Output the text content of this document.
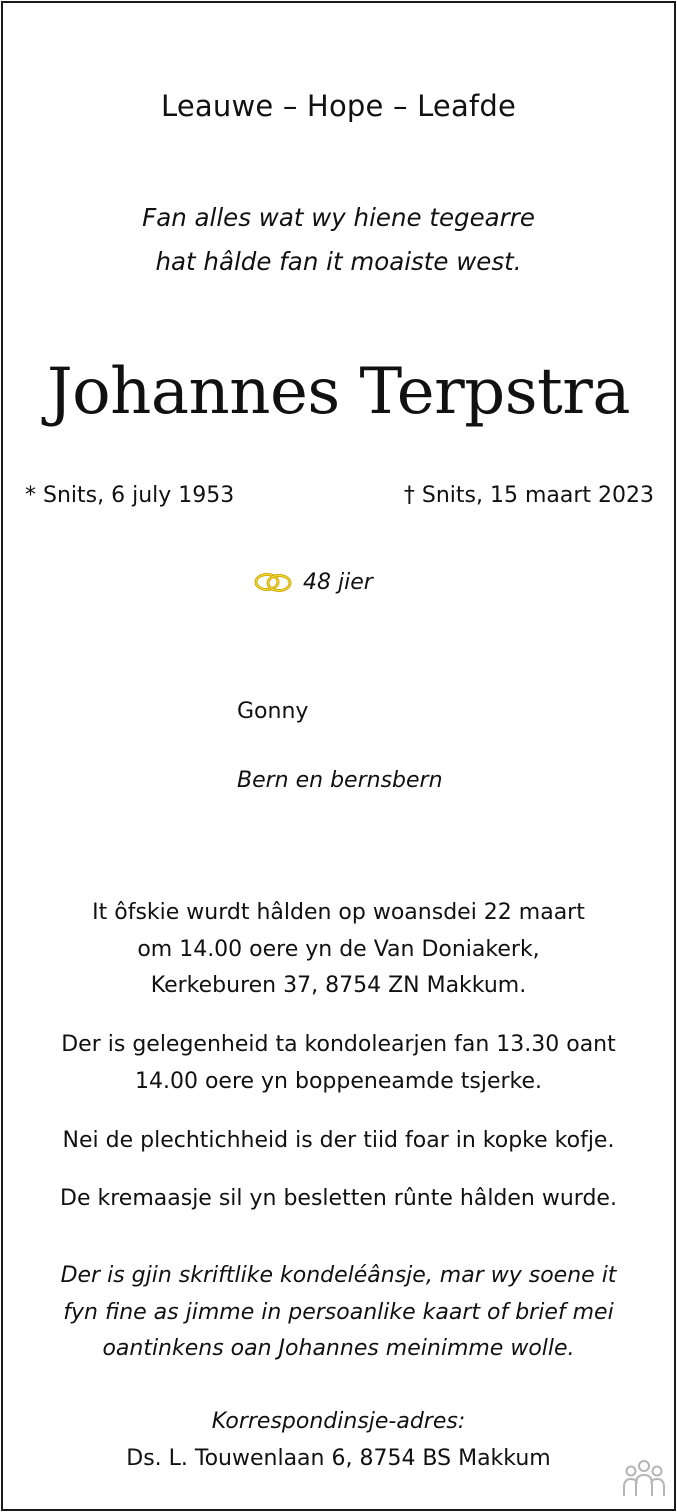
Leauwe – Hope – Leafde
Fan alles wat wy hiene tegearre
hat hâlde fan it moaiste west.
Johannes Terpstra
* Snits, 6 july 1953	† Snits, 15 maart 2023
48 jier
Gonny
Bern en bernsbern
It ôfskie wurdt hâlden op woansdei 22 maart
om 14.00 oere yn de Van Doniakerk,
Kerkeburen 37, 8754 ZN Makkum.
Der is gelegenheid ta kondolearjen fan 13.30 oant
14.00 oere yn boppeneamde tsjerke.
Nei de plechtichheid is der tiid foar in kopke kofje.
De kremaasje sil yn besletten rûnte hâlden wurde.
Der is gjin skriftlike kondeléânsje, mar wy soene it
fyn fine as jimme in persoanlike kaart of brief mei
oantinkens oan Johannes meinimme wolle.
Korrespondinsje-adres:
Ds. L. Touwenlaan 6, 8754 BS Makkum
